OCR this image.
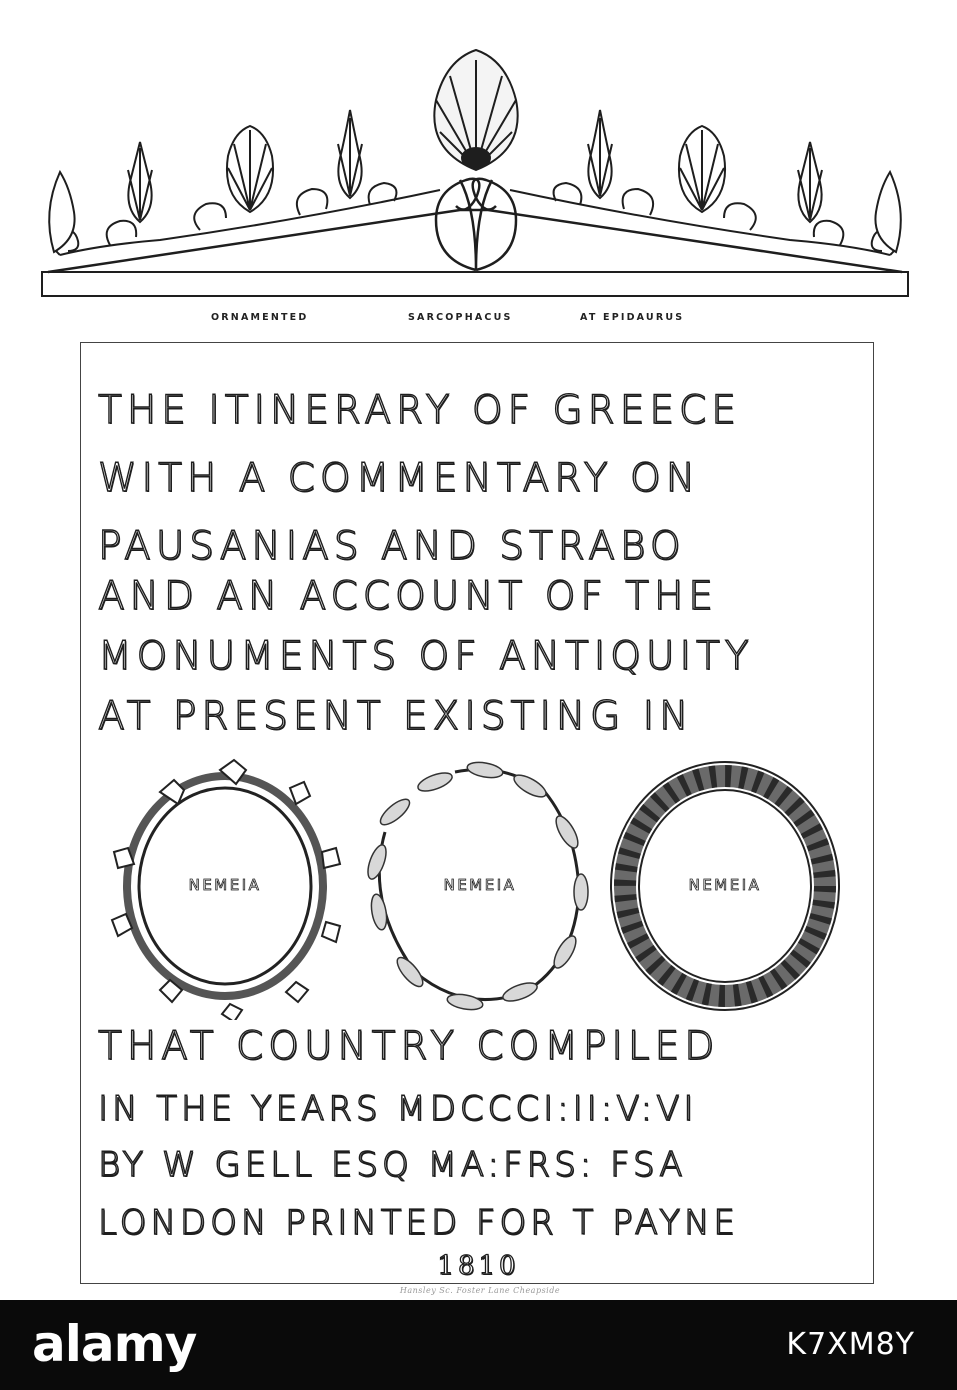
ORNAMENTED	SARCOPHACUS	AT EPIDAURUS
THE ITINERARY OF GREECE
WITH A COMMENTARY ON
PAUSANIAS AND STRABO
AND AN ACCOUNT OF THE
MONUMENTS OF ANTIQUITY
AT PRESENT EXISTING IN
NEMEIA	NEMEIA	NEMEIA
THAT COUNTRY COMPILED
IN THE YEARS MDCCCI:II:V:VI
BY W GELL ESQ MA:FRS: FSA
LONDON PRINTED FOR T PAYNE
1810
Hansley Sc. Foster Lane Cheapside
alamy	K7XM8Y
